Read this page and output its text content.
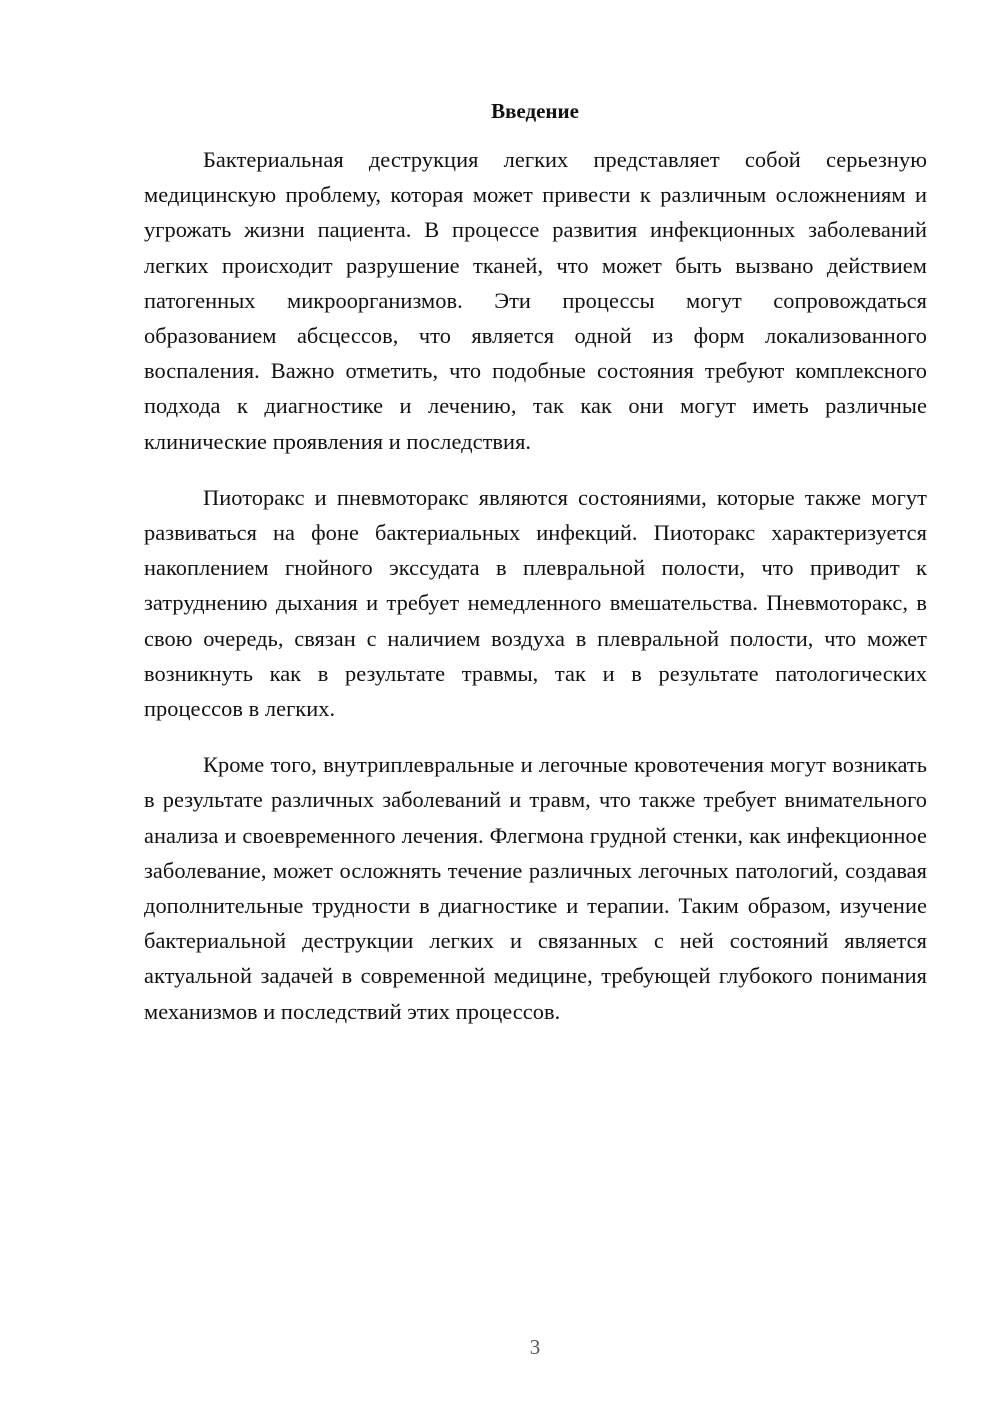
Введение

Бактериальная деструкция легких представляет собой серьезную медицинскую проблему, которая может привести к различным осложнениям и угрожать жизни пациента. В процессе развития инфекционных заболеваний легких происходит разрушение тканей, что может быть вызвано действием патогенных микроорганизмов. Эти процессы могут сопровождаться образованием абсцессов, что является одной из форм локализованного воспаления. Важно отметить, что подобные состояния требуют комплексного подхода к диагностике и лечению, так как они могут иметь различные клинические проявления и последствия.

Пиоторакс и пневмоторакс являются состояниями, которые также могут развиваться на фоне бактериальных инфекций. Пиоторакс характеризуется накоплением гнойного экссудата в плевральной полости, что приводит к затруднению дыхания и требует немедленного вмешательства. Пневмоторакс, в свою очередь, связан с наличием воздуха в плевральной полости, что может возникнуть как в результате травмы, так и в результате патологических процессов в легких.

Кроме того, внутриплевральные и легочные кровотечения могут возникать в результате различных заболеваний и травм, что также требует внимательного анализа и своевременного лечения. Флегмона грудной стенки, как инфекционное заболевание, может осложнять течение различных легочных патологий, создавая дополнительные трудности в диагностике и терапии. Таким образом, изучение бактериальной деструкции легких и связанных с ней состояний является актуальной задачей в современной медицине, требующей глубокого понимания механизмов и последствий этих процессов.

3
